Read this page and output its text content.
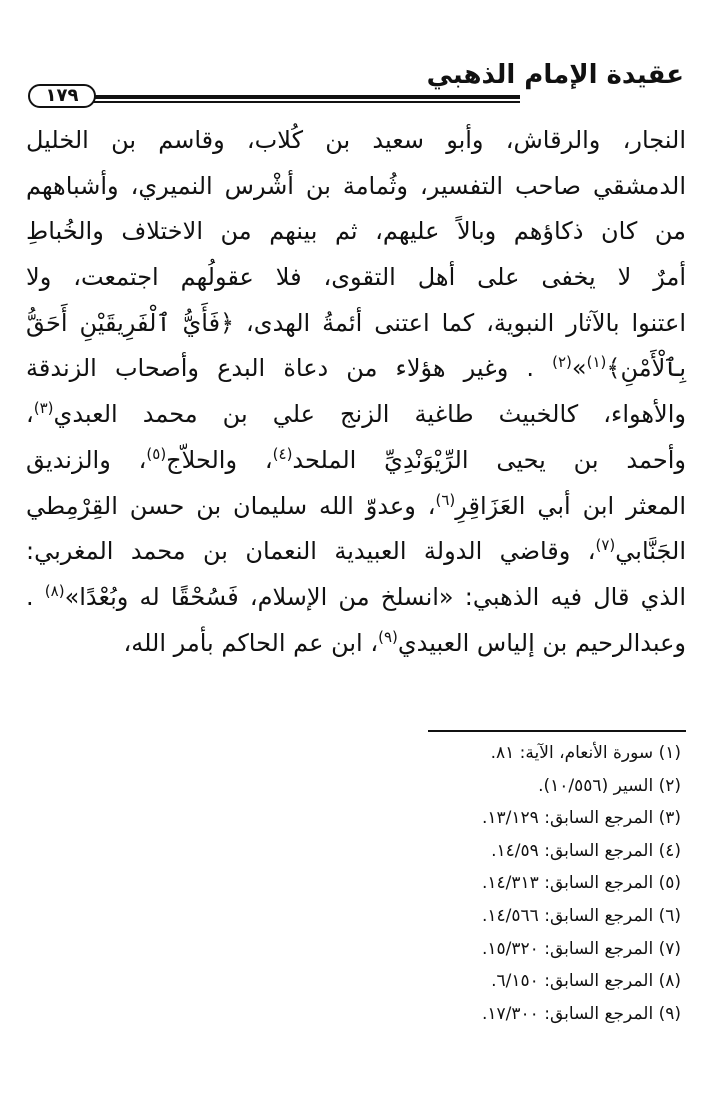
عقيدة الإمام الذهبي
١٧٩
النجار، والرقاش، وأبو سعيد بن كُلاب، وقاسم بن الخليل
الدمشقي صاحب التفسير، وثُمامة بن أشْرس النميري، وأشباههم
من كان ذكاؤهم وبالاً عليهم، ثم بينهم من الاختلاف والخُباطِ
أمرٌ لا يخفى على أهل التقوى، فلا عقولُهم اجتمعت، ولا
اعتنوا بالآثار النبوية، كما اعتنى أئمةُ الهدى، ﴿فَأَيُّ ٱلْفَرِيقَيْنِ أَحَقُّ
بِٱلْأَمْنِ﴾$^{(١)}$»$^{(٢)}$ . وغير هؤلاء من دعاة البدع وأصحاب الزندقة
والأهواء، كالخبيث طاغية الزنج علي بن محمد العبدي$^{(٣)}$،
وأحمد بن يحيى الرِّيْوَنْدِيِّ الملحد$^{(٤)}$، والحلاّج$^{(٥)}$، والزنديق
المعثر ابن أبي العَزَاقِرِ$^{(٦)}$، وعدوّ الله سليمان بن حسن القِرْمِطي
الجَنَّابي$^{(٧)}$، وقاضي الدولة العبيدية النعمان بن محمد المغربي:
الذي قال فيه الذهبي: «انسلخ من الإسلام، فَسُحْقًا له وبُعْدًا»$^{(٨)}$ .
وعبدالرحيم بن إلياس العبيدي$^{(٩)}$، ابن عم الحاكم بأمر الله،
(١) سورة الأنعام، الآية: ٨١.
(٢) السير (١٠/٥٥٦).
(٣) المرجع السابق: ١٣/١٢٩.
(٤) المرجع السابق: ١٤/٥٩.
(٥) المرجع السابق: ١٤/٣١٣.
(٦) المرجع السابق: ١٤/٥٦٦.
(٧) المرجع السابق: ١٥/٣٢٠.
(٨) المرجع السابق: ٦/١٥٠.
(٩) المرجع السابق: ١٧/٣٠٠.
